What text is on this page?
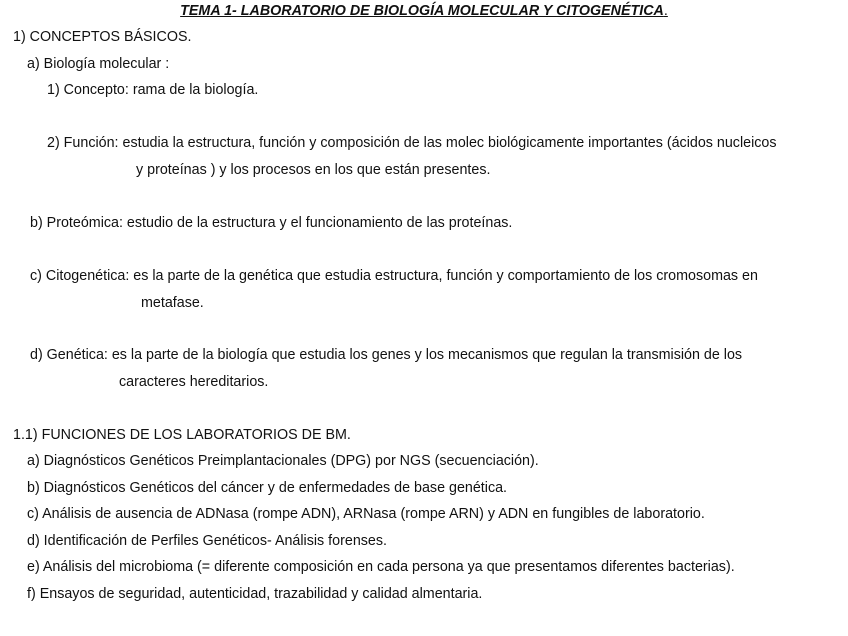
TEMA 1- LABORATORIO DE BIOLOGÍA MOLECULAR Y CITOGENÉTICA.
1) CONCEPTOS BÁSICOS.
a) Biología molecular :
1) Concepto: rama de la biología.
2) Función: estudia la estructura, función y composición de las molec biológicamente importantes (ácidos nucleicos
y proteínas ) y los procesos en los que están presentes.
b) Proteómica: estudio de la estructura y el funcionamiento de las proteínas.
c) Citogenética: es la parte de la genética que estudia estructura, función y comportamiento de los cromosomas en
metafase.
d) Genética: es la parte de la biología que estudia los genes y los mecanismos que regulan la transmisión de los
caracteres hereditarios.
1.1) FUNCIONES DE LOS LABORATORIOS DE BM.
a) Diagnósticos Genéticos Preimplantacionales (DPG) por NGS (secuenciación).
b) Diagnósticos Genéticos del cáncer y de enfermedades de base genética.
c) Análisis de ausencia de ADNasa (rompe ADN), ARNasa (rompe ARN) y ADN en fungibles de laboratorio.
d) Identificación de Perfiles Genéticos- Análisis forenses.
e) Análisis del microbioma (= diferente composición en cada persona ya que presentamos diferentes bacterias).
f) Ensayos de seguridad, autenticidad, trazabilidad y calidad almentaria.
